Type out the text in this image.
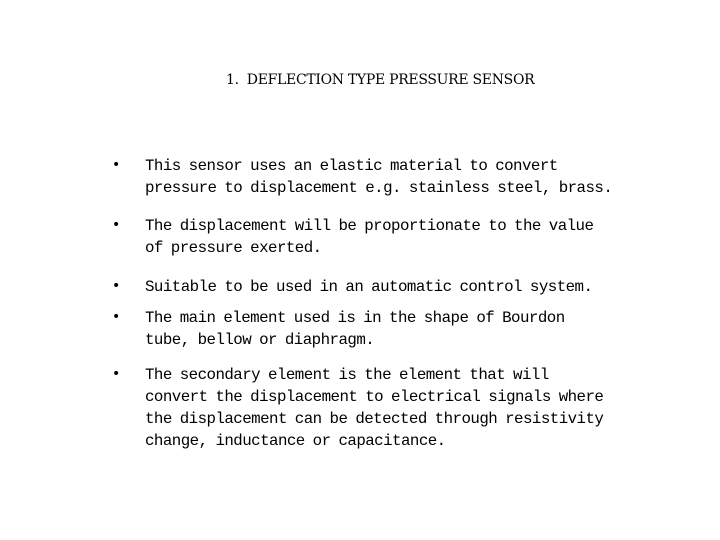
1. DEFLECTION TYPE PRESSURE SENSOR
• This sensor uses an elastic material to convert
pressure to displacement e.g. stainless steel, brass.
• The displacement will be proportionate to the value
of pressure exerted.
• Suitable to be used in an automatic control system.
• The main element used is in the shape of Bourdon
tube, bellow or diaphragm.
• The secondary element is the element that will
convert the displacement to electrical signals where
the displacement can be detected through resistivity
change, inductance or capacitance.
